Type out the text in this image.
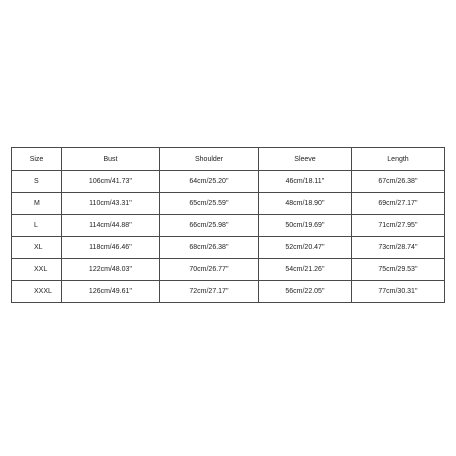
Size	Bust	Shoulder	Sleeve	Length
S	106cm/41.73''	64cm/25.20''	46cm/18.11''	67cm/26.38''
M	110cm/43.31''	65cm/25.59''	48cm/18.90''	69cm/27.17''
L	114cm/44.88''	66cm/25.98''	50cm/19.69''	71cm/27.95''
XL	118cm/46.46''	68cm/26.38''	52cm/20.47''	73cm/28.74''
XXL	122cm/48.03''	70cm/26.77''	54cm/21.26''	75cm/29.53''
XXXL	126cm/49.61''	72cm/27.17''	56cm/22.05''	77cm/30.31''
